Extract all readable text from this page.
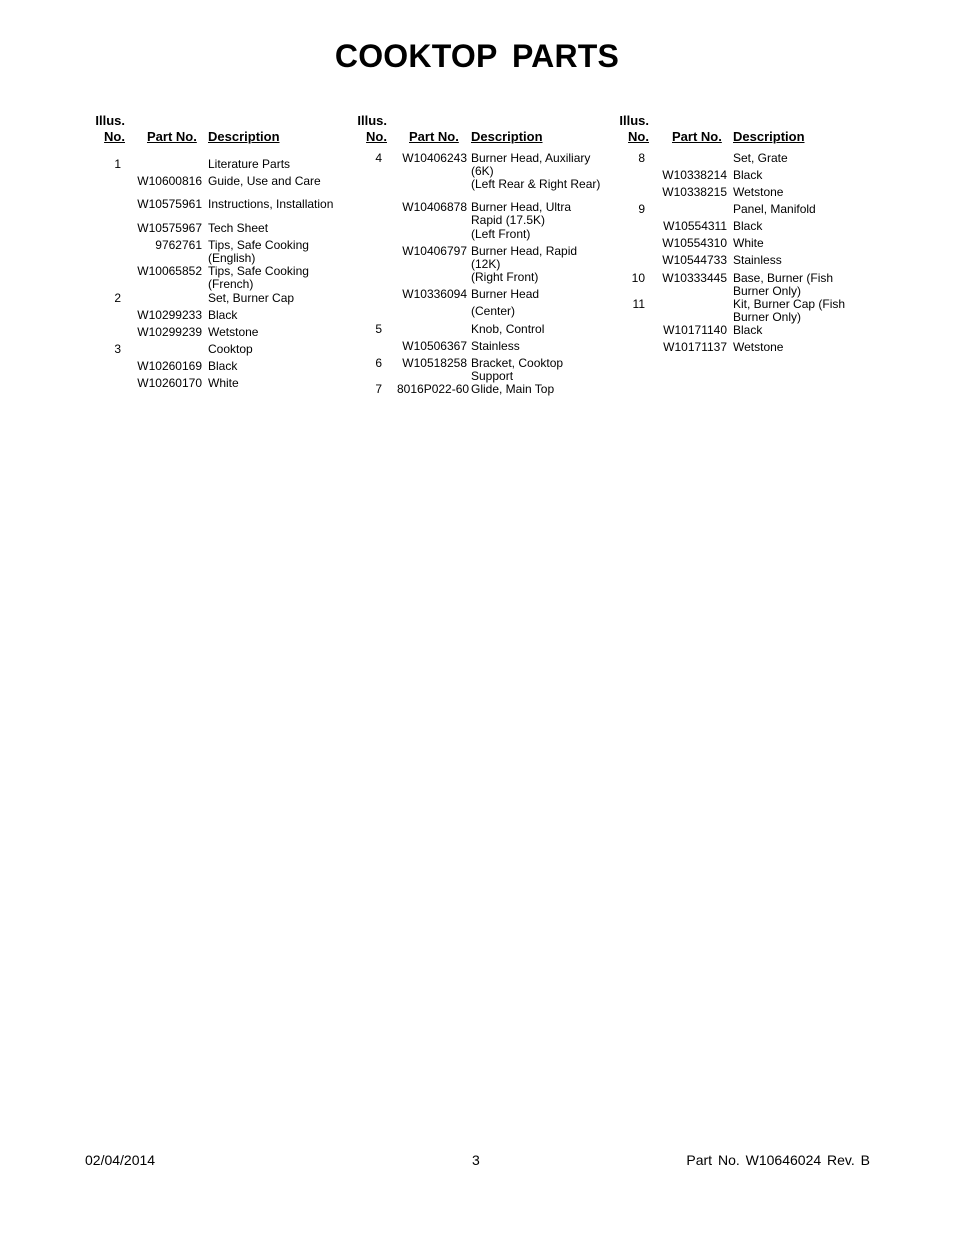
COOKTOP PARTS
Illus.
No. Part No. Description
1	Literature Parts
W10600816 Guide, Use and Care
W10575961 Instructions, Installation
W10575967 Tech Sheet
9762761 Tips, Safe Cooking
(English)
W10065852 Tips, Safe Cooking
(French)
2	Set, Burner Cap
W10299233 Black
W10299239 Wetstone
3	Cooktop
W10260169 Black
W10260170 White
Illus.
No. Part No. Description
4	W10406243 Burner Head, Auxiliary
(6K)
(Left Rear & Right Rear)
W10406878 Burner Head, Ultra
Rapid (17.5K)
(Left Front)
W10406797 Burner Head, Rapid
(12K)
(Right Front)
W10336094 Burner Head
(Center)
5	Knob, Control
W10506367 Stainless
6	W10518258 Bracket, Cooktop
Support
7 8016P022-60 Glide, Main Top
Illus.
No. Part No. Description
8	Set, Grate
W10338214 Black
W10338215 Wetstone
9	Panel, Manifold
W10554311 Black
W10554310 White
W10544733 Stainless
10	W10333445 Base, Burner (Fish
Burner Only)
11	Kit, Burner Cap (Fish
Burner Only)
W10171140 Black
W10171137 Wetstone
02/04/2014	3	Part No. W10646024 Rev. B
